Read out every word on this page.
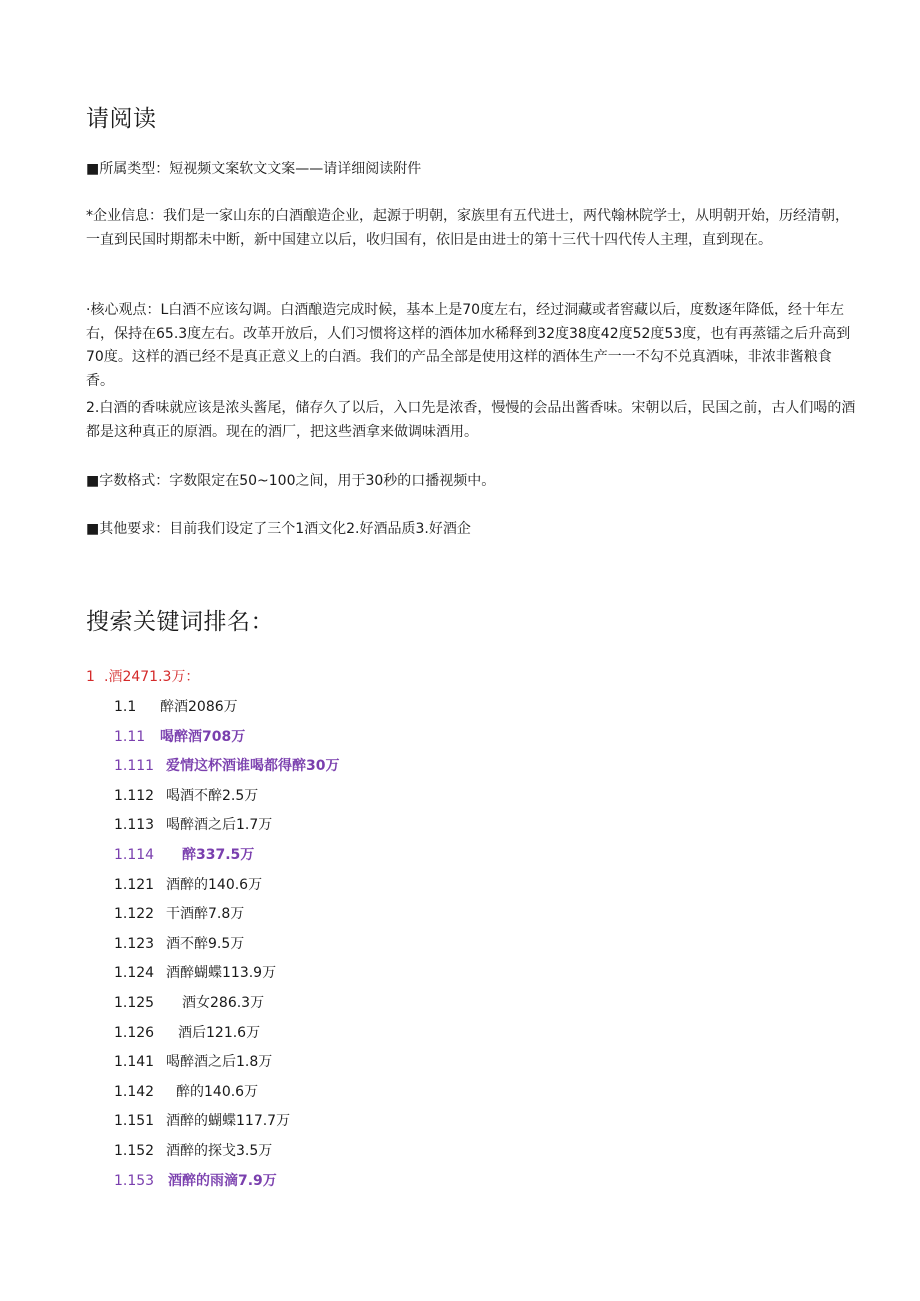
请阅读

■所属类型：短视频文案软文文案——请详细阅读附件

*企业信息：我们是一家山东的白酒酿造企业，起源于明朝，家族里有五代进士，两代翰林院学士，从明朝开始，历经清朝，一直到民国时期都未中断，新中国建立以后，收归国有，依旧是由进士的第十三代十四代传人主理，直到现在。

·核心观点：L白酒不应该勾调。白酒酿造完成时候，基本上是70度左右，经过洞藏或者窖藏以后，度数逐年降低，经十年左右，保持在65.3度左右。改革开放后，人们习惯将这样的酒体加水稀释到32度38度42度52度53度，也有再蒸镭之后升高到70度。这样的酒已经不是真正意义上的白酒。我们的产品全部是使用这样的酒体生产一一不勾不兑真酒味，非浓非酱粮食香。

2.白酒的香味就应该是浓头酱尾，储存久了以后，入口先是浓香，慢慢的会品出酱香味。宋朝以后，民国之前，古人们喝的酒都是这种真正的原酒。现在的酒厂，把这些酒拿来做调味酒用。

■字数格式：字数限定在50~100之间，用于30秒的口播视频中。

■其他要求：目前我们设定了三个1酒文化2.好酒品质3.好酒企

搜索关键词排名：
1 .酒2471.3万：
1.1 醉酒2086万
1.11 喝醉酒708万
1.111 爱情这杯酒谁喝都得醉30万
1.112 喝酒不醉2.5万
1.113 喝醉酒之后1.7万
1.114 醉337.5万
1.121 酒醉的140.6万
1.122 干酒醉7.8万
1.123 酒不醉9.5万
1.124 酒醉蝴蝶113.9万
1.125 酒女286.3万
1.126 酒后121.6万
1.141 喝醉酒之后1.8万
1.142 醉的140.6万
1.151 酒醉的蝴蝶117.7万
1.152 酒醉的探戈3.5万
1.153 酒醉的雨滴7.9万
